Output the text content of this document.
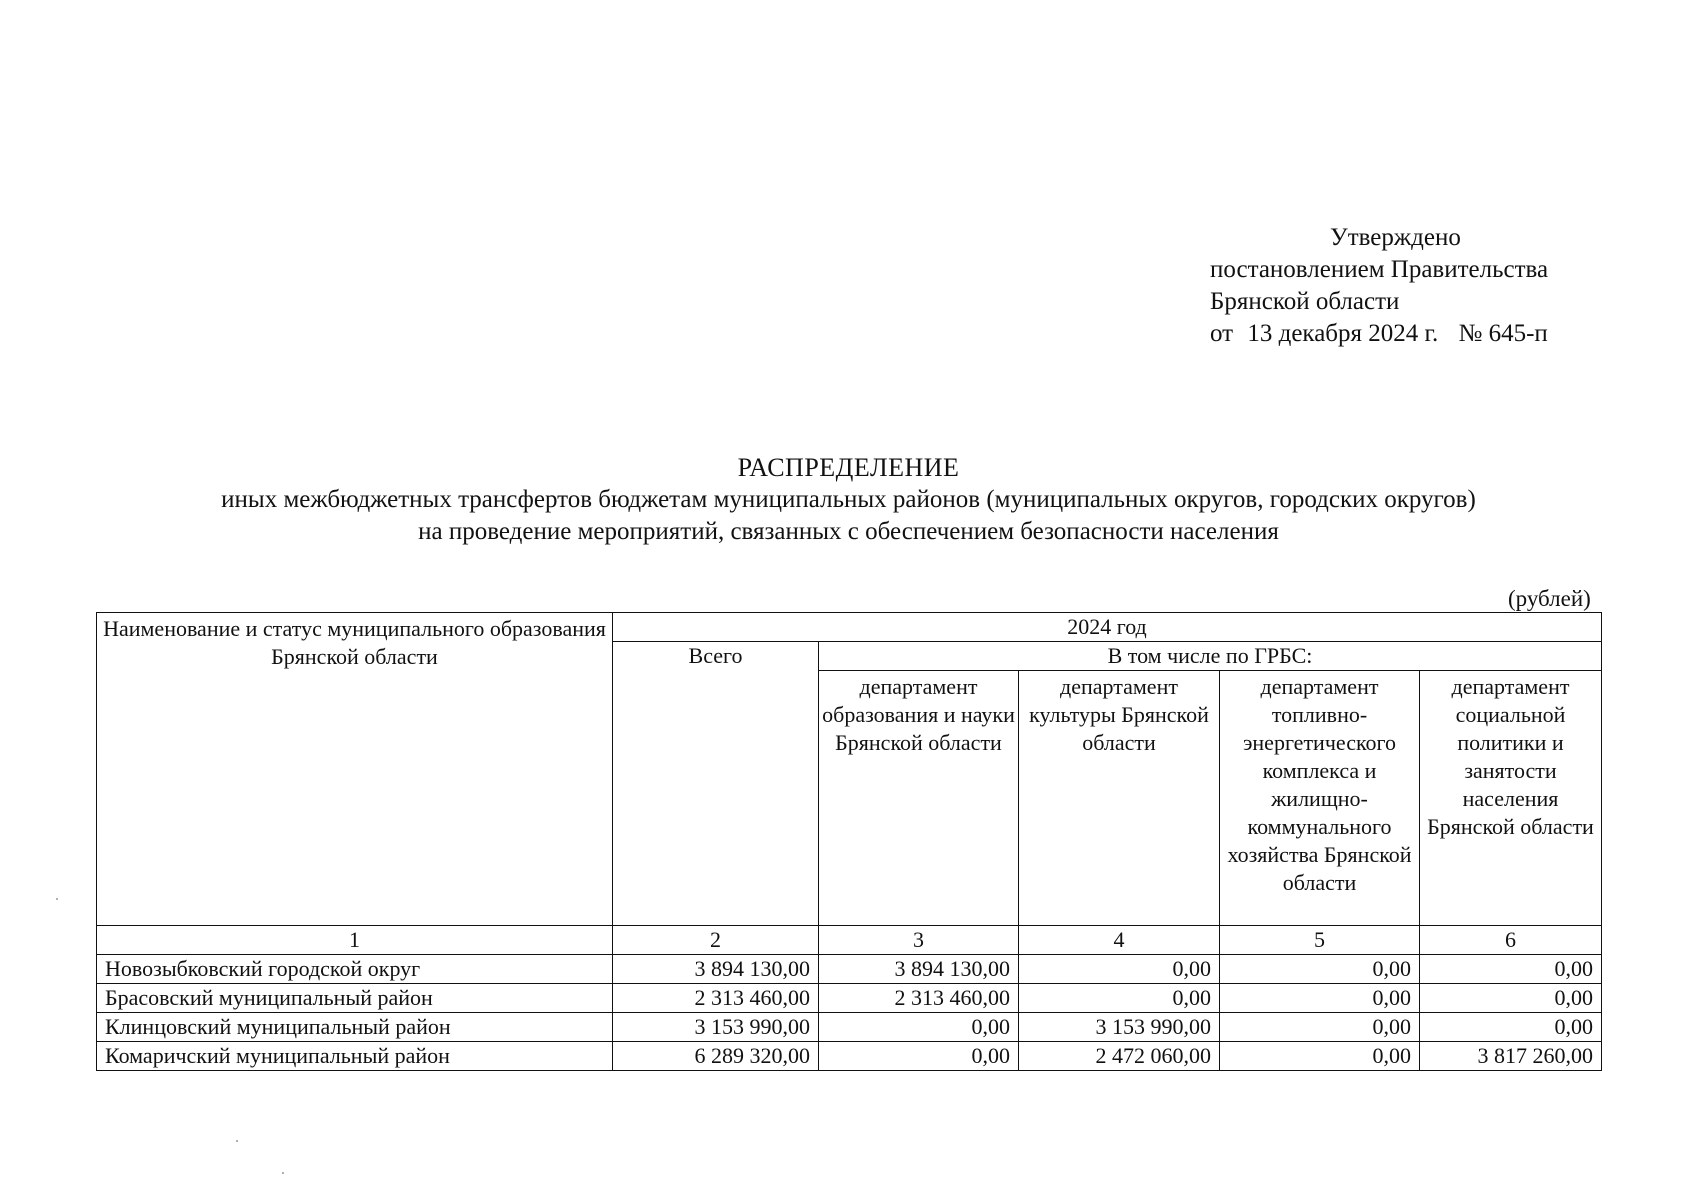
Утверждено
постановлением Правительства
Брянской области
от 13 декабря 2024 г. № 645-п
РАСПРЕДЕЛЕНИЕ
иных межбюджетных трансфертов бюджетам муниципальных районов (муниципальных округов, городских округов)
на проведение мероприятий, связанных с обеспечением безопасности населения
(рублей)
Наименование и статус муниципального образования Брянской области	2024 год				
	Всего	В том числе по ГРБС:			
		департамент образования и науки Брянской области	департамент культуры Брянской области	департамент топливно-энергетического комплекса и жилищно-коммунального хозяйства Брянской области	департамент социальной политики и занятости населения Брянской области
1	2	3	4	5	6
Новозыбковский городской округ	3 894 130,00	3 894 130,00	0,00	0,00	0,00
Брасовский муниципальный район	2 313 460,00	2 313 460,00	0,00	0,00	0,00
Клинцовский муниципальный район	3 153 990,00	0,00	3 153 990,00	0,00	0,00
Комаричский муниципальный район	6 289 320,00	0,00	2 472 060,00	0,00	3 817 260,00
